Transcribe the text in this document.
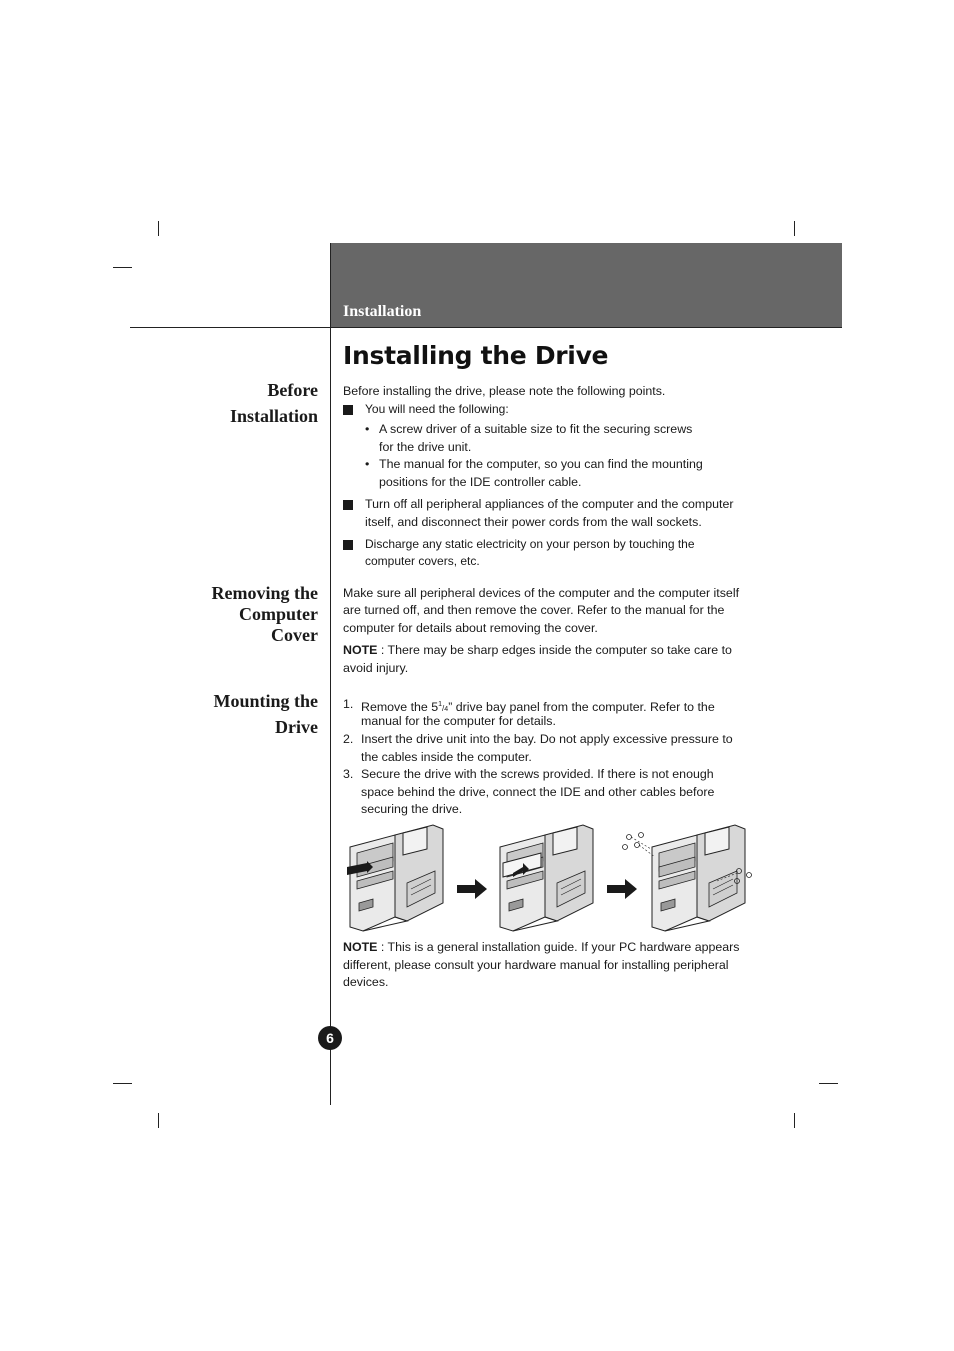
Installation
Installing the Drive
Before
Installation
Removing the
Computer
Cover
Mounting the
Drive
Before installing the drive, please note the following points.
You will need the following:
• A screw driver of a suitable size to fit the securing screws
for the drive unit.
• The manual for the computer, so you can find the mounting
positions for the IDE controller cable.
Turn off all peripheral appliances of the computer and the computer
itself, and disconnect their power cords from the wall sockets.
Discharge any static electricity on your person by touching the
computer covers, etc.
Make sure all peripheral devices of the computer and the computer itself
are turned off, and then remove the cover. Refer to the manual for the
computer for details about removing the cover.
NOTE : There may be sharp edges inside the computer so take care to
avoid injury.
1. Remove the $5^1/4$” drive bay panel from the computer. Refer to the
manual for the computer for details.
2. Insert the drive unit into the bay. Do not apply excessive pressure to
the cables inside the computer.
3. Secure the drive with the screws provided. If there is not enough
space behind the drive, connect the IDE and other cables before
securing the drive.
NOTE : This is a general installation guide. If your PC hardware appears
different, please consult your hardware manual for installing peripheral
devices.
6
